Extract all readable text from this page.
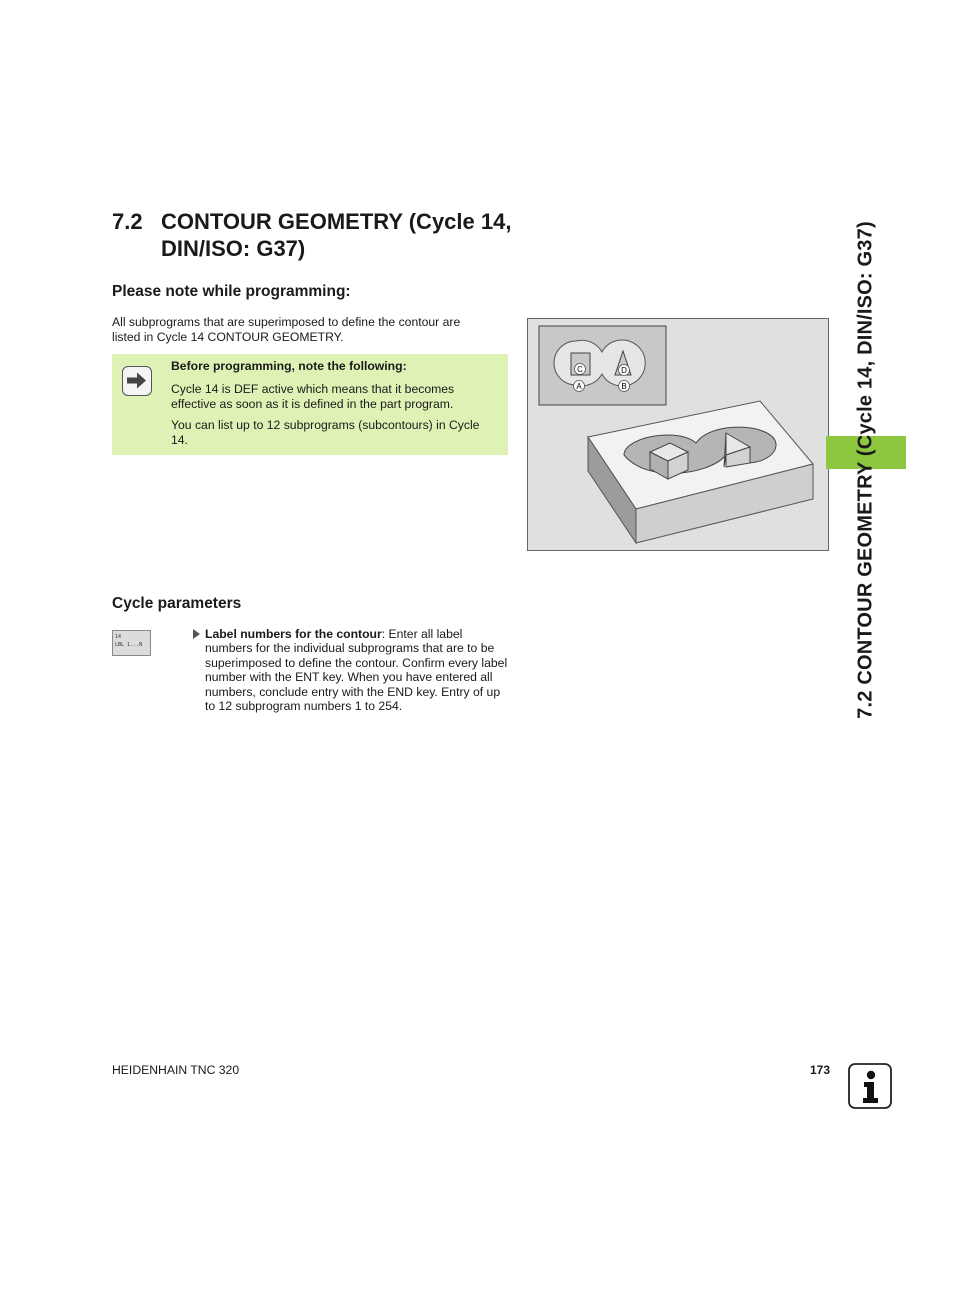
7.2 CONTOUR GEOMETRY (Cycle 14,
DIN/ISO: G37)
Please note while programming:

All subprograms that are superimposed to define the contour are listed in Cycle 14 CONTOUR GEOMETRY.

Before programming, note the following:

Cycle 14 is DEF active which means that it becomes effective as soon as it is defined in the part program.

You can list up to 12 subprograms (subcontours) in Cycle 14.

C	D
A	B
Cycle parameters
14
LBL 1...N
Label numbers for the contour: Enter all label numbers for the individual subprograms that are to be superimposed to define the contour. Confirm every label number with the ENT key. When you have entered all numbers, conclude entry with the END key. Entry of up to 12 subprogram numbers 1 to 254.	7.2 CONTOUR GEOMETRY (Cycle 14, DIN/ISO: G37)
HEIDENHAIN TNC 320	173
